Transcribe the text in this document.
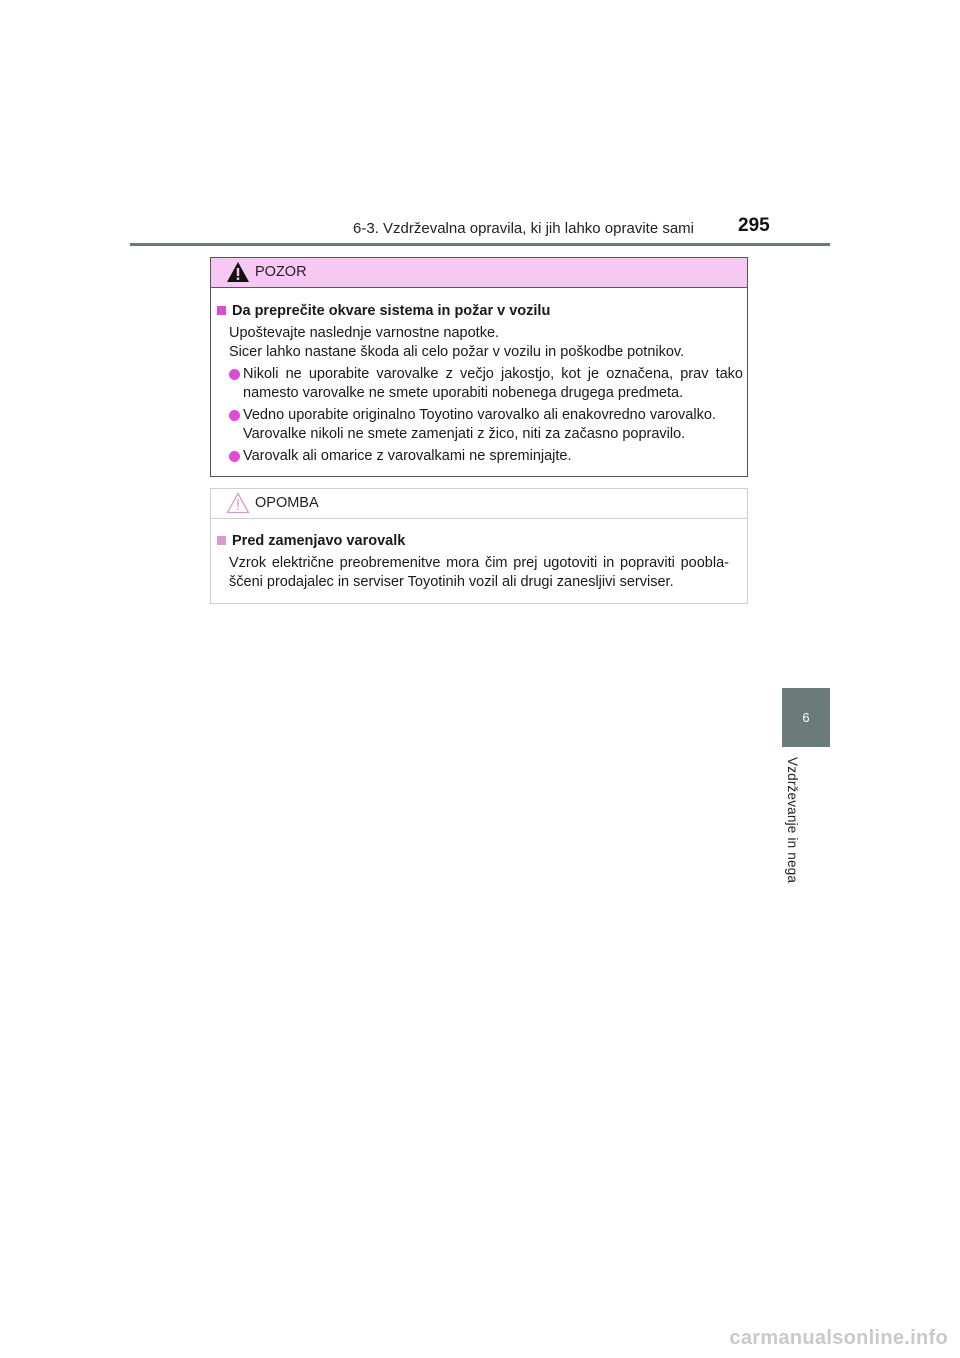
6-3. Vzdrževalna opravila, ki jih lahko opravite sami 295
6
Vzdrževanje in nega
POZOR
Da preprečite okvare sistema in požar v vozilu
Upoštevajte naslednje varnostne napotke.
Sicer lahko nastane škoda ali celo požar v vozilu in poškodbe potnikov.
Nikoli ne uporabite varovalke z večjo jakostjo, kot je označena, prav tako
namesto varovalke ne smete uporabiti nobenega drugega predmeta.
Vedno uporabite originalno Toyotino varovalko ali enakovredno varovalko.
Varovalke nikoli ne smete zamenjati z žico, niti za začasno popravilo.
Varovalk ali omarice z varovalkami ne spreminjajte.
OPOMBA
Pred zamenjavo varovalk
Vzrok električne preobremenitve mora čim prej ugotoviti in popraviti poobla-
ščeni prodajalec in serviser Toyotinih vozil ali drugi zanesljivi serviser.
carmanualsonline.info
